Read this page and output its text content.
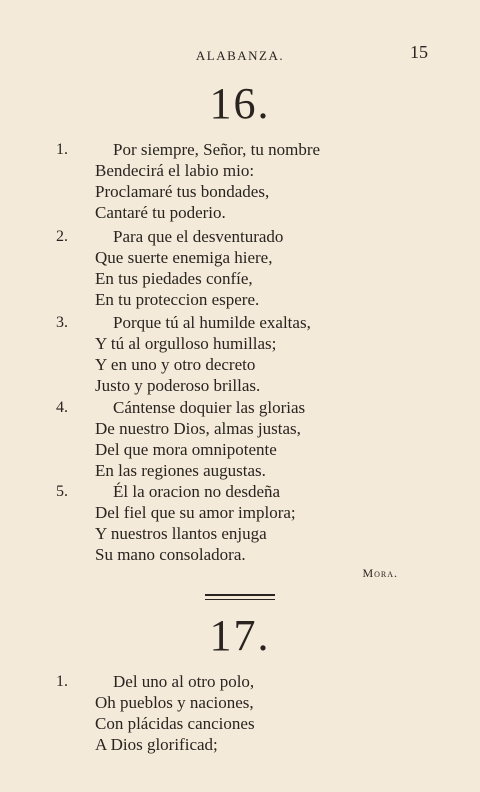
ALABANZA.	15
16.
1.	Por siempre, Señor, tu nombre
Bendecirá el labio mio:
Proclamaré tus bondades,
Cantaré tu poderio.
2.	Para que el desventurado
Que suerte enemiga hiere,
En tus piedades confíe,
En tu proteccion espere.
3.	Porque tú al humilde exaltas,
Y tú al orgulloso humillas;
Y en uno y otro decreto
Justo y poderoso brillas.
4.	Cántense doquier las glorias
De nuestro Dios, almas justas,
Del que mora omnipotente
En las regiones augustas.
5.	Él la oracion no desdeña
Del fiel que su amor implora;
Y nuestros llantos enjuga
Su mano consoladora.
Mora.
17.
1.	Del uno al otro polo,
Oh pueblos y naciones,
Con plácidas canciones
A Dios glorificad;
